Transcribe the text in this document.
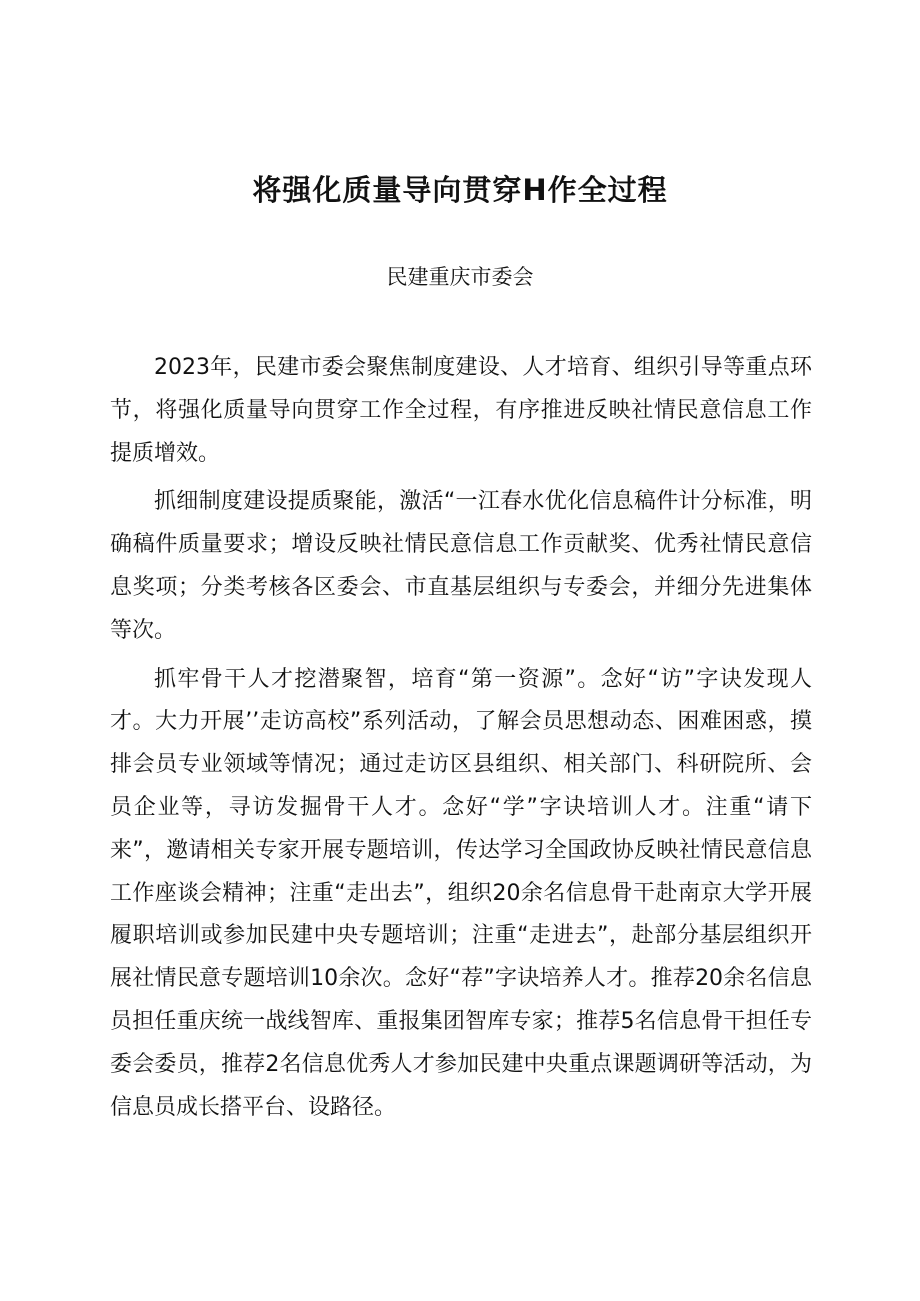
将强化质量导向贯穿H作全过程
民建重庆市委会

2023年，民建市委会聚焦制度建设、人才培育、组织引导等重点环节，将强化质量导向贯穿工作全过程，有序推进反映社情民意信息工作提质增效。

抓细制度建设提质聚能，激活“一江春水优化信息稿件计分标准，明确稿件质量要求；增设反映社情民意信息工作贡献奖、优秀社情民意信息奖项；分类考核各区委会、市直基层组织与专委会，并细分先进集体等次。

抓牢骨干人才挖潜聚智，培育“第一资源”。念好“访”字诀发现人才。大力开展’’走访高校”系列活动，了解会员思想动态、困难困惑，摸排会员专业领域等情况；通过走访区县组织、相关部门、科研院所、会员企业等，寻访发掘骨干人才。念好“学”字诀培训人才。注重“请下来”，邀请相关专家开展专题培训，传达学习全国政协反映社情民意信息工作座谈会精神；注重“走出去”，组织20余名信息骨干赴南京大学开展履职培训或参加民建中央专题培训；注重“走进去”，赴部分基层组织开展社情民意专题培训10余次。念好“荐”字诀培养人才。推荐20余名信息员担任重庆统一战线智库、重报集团智库专家；推荐5名信息骨干担任专委会委员，推荐2名信息优秀人才参加民建中央重点课题调研等活动，为信息员成长搭平台、设路径。
